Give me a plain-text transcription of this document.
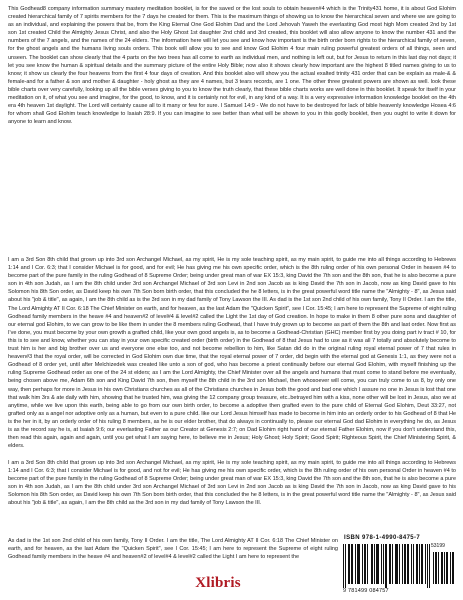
This Godhead8 company information summary mastery meditation booklet, is for the saved or the lost souls to obtain heaven#4 which is the Trinity431 home, it is about God Elohim created hierarchical family of 7 spirits members for the 7 days he created for them. This is the maximum things of showing us to know the hierarchical seven and where we are going to as an individual, and explaining the powers that be, from the King Eternal One God Elohim Dad and the Lord Jehovah Yaweh the everlasting God most high Mom created 2nd by 1st son 1st created Child the Almighty Jesus Christ, and also the Holy Ghost 1st daughter 2nd child and 3rd created, this booklet will also allow anyone to know the number 431 and the numbers of the 7 angels, and the names of the 24 elders. The information here will let you see and know how important is the birth order born rights to the hierarchical family of seven, for the ghost angels and the humans living souls orders. This book will allow you to see and know God Elohim 4 four main ruling powerful greatest orders of all things, seen and unseen. The booklet can show clearly that the 4 parts on the two trees has all come to earth as individual men, and nothing is left out, but for Jesus to return in this last day not days; it let you see know the human & spiritual details and the summary picture of the entire Holy Bible; now also it shows clearly how important are the highest 8 titled names giving to us to know; it show us clearly the four heavens from the first 4 four days of creation. And this booklet also will show you the actual exalted trinity 431 order that can be explain as male-& & female-and for a father & son and mother & daughter - holy ghost as they are 4 names, but 3 tears records, are 1 one. The other three greatest powers are shown as well. look these bible charts over very carefully, looking up all the bible verses giving to you to know the truth clearly, that these bible charts works are well done in this booklet. It speak for itself in your meditation on it, of what you see and imagine, for the good, to know, and it is certainly not for evil, in any kind of a way. It is a very expressive information knowledge booklet on the 4th era 4th heaven 1st daylight. The Lord will certainly cause all to it many or few for sure. I Samuel 14:9 - We do not have to be destroyed for lack of bible heavenly knowledge Hosea 4:6 for whom shall God Elohim teach knowledge to Isaiah 28:9. If you can imagine to see better than what will be shown to you in this godly booklet, then you ought to write it down for anyone to learn and know.

I am a 3rd Son 8th child that grown up into 3rd son Archangel Michael, as my spirit, He is my sole teaching spirit, as my main spirit, to guide me into all things according to Hebrews 1:14 and I Cor. 6:3; that I consider Michael is for good, and for evil; He has giving me his own specific order, which is the 8th ruling order of his own personal Order in heaven #4 to become part of the pure family in the ruling Godhead of 8 Supreme Order; being under great man of war EX 15:3, king David the 7th son and the 8th son, that he is also become a pure son in 4th son Judah, as I am the 8th child under 3rd son Archangel Michael of 3rd son Levi in 2nd son Jacob as is king David the 7th son in Jacob, now as king David gave to his Solomon his 8th Son order, as David keep his own 7th Son born birth order, that this concluded the he 8 letters, is in the great powerful word title name the "Almighty - 8", as Jesus said about his "job & title", as again, I am the 8th child as is the 3rd son in my dad family of Tony Lawson the III. As dad is the 1st son 2nd child of his own family, Tony II Order. I am the title, The Lord Almighty AT II Cor. 6:18 The Chief Minister on earth, and for heaven, as the last Adam the "Quicken Spirit", see I Cor. 15:45; I am here to represent the Supreme of eight ruling Godhead family members in the heave #4 and heaven#2 of level#4 & level#2 called the Light the 1st day of God creation. In hope to make in them 8 other pure sons and daughter of our eternal god Elohim, to we can grow to be like them in under the 8 members ruling Godhead, that I have truly grown up to become as part of them the 8th and last order. Now first as I've done, you must become by your own growth a grafted child, like your own good angels is, as to become a Godhead-Christian (GHC) member first by you doing part iv tract # 10, for this is to see and know, whether you can stay in your own specific created order (birth order) in the Godhead of 8 that Jesus had to use as it was all 7 totally and absolutely become to trust him is her and big brother over us and everyone one else too, and not become rebellion to him, like Satan did do in the original ruling royal eternal power of 7 that rules in heaven#3 that the royal order, will be corrected in God Elohim own due time, that the royal eternal power of 7 order, did begin with the eternal god at Genesis 1:1, as they were not a Godhead of 8 order yet, until after Melchizedek was created like unto a son of god, who has become a priest continually before our eternal God Elohim, with myself finishing up the ruling Supreme Godhead order as one of the 24 st elders; as I am the Lord Almighty, the Chief Minister over all the angels and humans that must come to stand before me eventually, being chosen above me, Adam 6th son and King David 7th son, then myself the 8th child in the 3rd son Michael, then whosoever will come, you can truly come to us 8, by only one way, then perhaps for more in Jesus in his own Christians churches as all of the Christians churches in Jesus both the good and bad one which I assure no one in Jesus is lost that one that walk him 3rs & ate daily with him, showing that he trusted him, was giving the 12 company group treasure, etc..betrayed him with a kiss, none other will be lost in Jesus, also we at anytime, while we live upon this earth, being able to go from our own birth order, to become a adoptive then grafted even to the pure child of Eternal God Elohim, Deut 33:27, not grafted only as a angel nor adoptive only as a human, but even to a pure child. like our Lord Jesus himself has made to become in him into an orderly order to his Godhead of 8 that He is the her in it, by an orderly order of his ruling 8 members, as he is our elder brother, that do always in continually to, please our eternal God dad Elohim in everything he do, as Jesus is as the record say he is, at Isaiah 9:6; our everlasting Father as our Creator at Genesis 2:7; on Dad Elohim right hand of our eternal Father Elohim, now if you don't understand this, then read this again, again and again, until you get what I am saying here, to believe me in Jesus; Holy Ghost; Holy Spirit; Good Spirit; Righteous Spirit, the Chief Ministering Spirit, & elders.

I am a 3rd Son 8th child that grown up into 3rd son Archangel Michael, as my spirit, He is my sole teaching spirit, as my main spirit, to guide me into all things according to Hebrews 1:14 and I Cor. 6:3; that I consider Michael is for good, and not for evil; He has giving me his own specific order, which is the 8th ruling order of his own personal Order in heaven #4 to become part of the pure family in the ruling Godhead of 8 Supreme Order; being under great man of war EX 15:3, king David the 7th son and the 8th son, that he is also become a pure son in 4th son Judah, as I am the 8th child under 3rd son Archangel Michael of 3rd son Levi in 2nd son Jacob as is king David the 7th son in Jacob, now as king David gave to his Solomon his 8th Son order, as David keep his own 7th Son born birth order, that this concluded the he 8 letters, is in the great powerful word title name the "Almighty - 8", as Jesus said about his "job & title", as again, I am the 8th child as the 3rd son in my dad family of Tony Lawson the III.

As dad is the 1st son 2nd child of his own family, Tony II Order. I am the title, The Lord Almighty AT II Cor. 6:18 The Chief Minister on earth, and for heaven, as the last Adam the "Quicken Spirit", see I Cor. 15:45; I am here to represent the Supreme of eight ruling Godhead family members in the heave #4 and heaven#2 of level#4 & level#2 called the Light I am here to represent the

Xlibris
ISBN 978-1-4990-8475-7
53199
9 781499 084757
